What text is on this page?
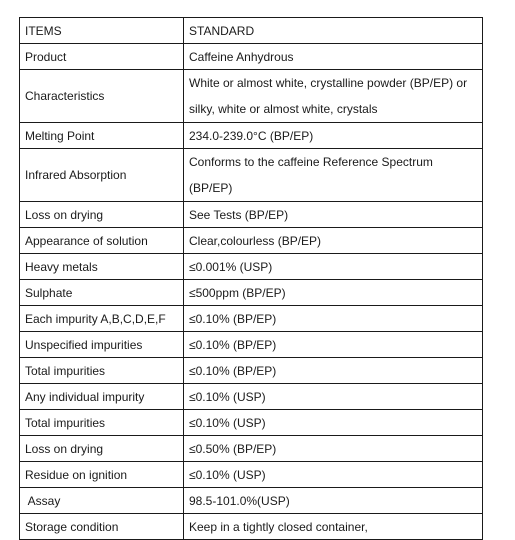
ITEMS	STANDARD
Product	Caffeine Anhydrous
Characteristics	White or almost white, crystalline powder (BP/EP) or silky, white or almost white, crystals
Melting Point	234.0-239.0°C (BP/EP)
Infrared Absorption	Conforms to the caffeine Reference Spectrum (BP/EP)
Loss on drying	See Tests (BP/EP)
Appearance of solution	Clear,colourless (BP/EP)
Heavy metals	≤0.001% (USP)
Sulphate	≤500ppm (BP/EP)
Each impurity A,B,C,D,E,F	≤0.10% (BP/EP)
Unspecified impurities	≤0.10% (BP/EP)
Total impurities	≤0.10% (BP/EP)
Any individual impurity	≤0.10% (USP)
Total impurities	≤0.10% (USP)
Loss on drying	≤0.50% (BP/EP)
Residue on ignition	≤0.10% (USP)
Assay	98.5-101.0%(USP)
Storage condition	Keep in a tightly closed container,
